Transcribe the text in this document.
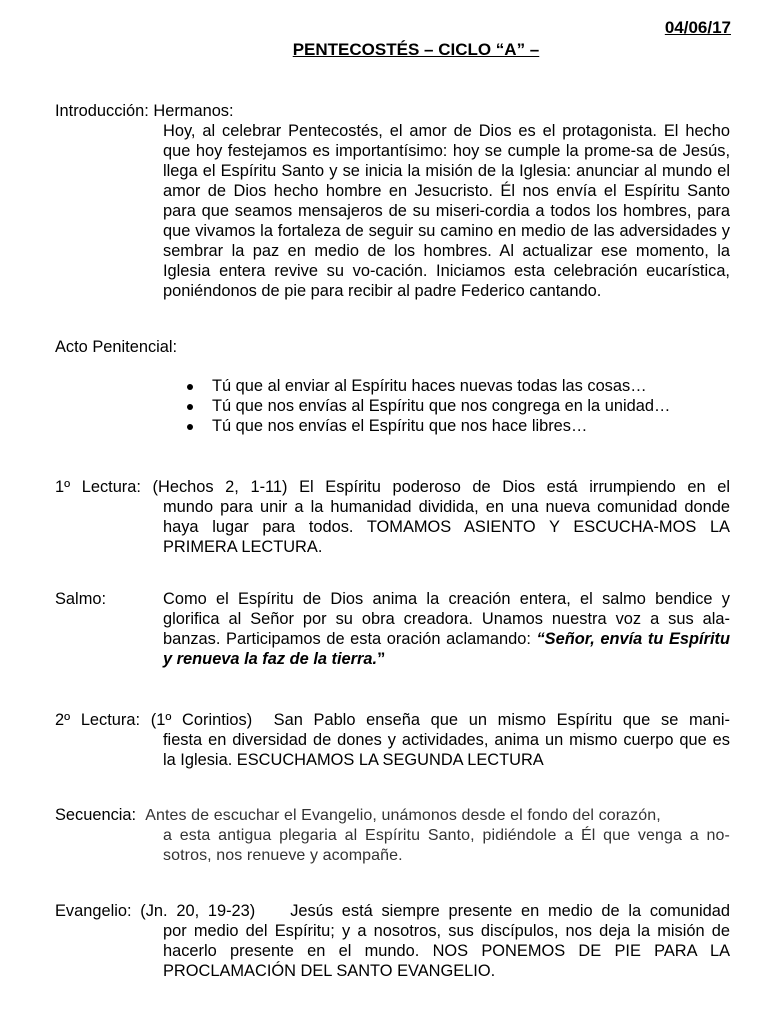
04/06/17
PENTECOSTÉS – CICLO “A” –
Introducción: Hermanos:
Hoy, al celebrar Pentecostés, el amor de Dios es el protagonista. El hecho que hoy festejamos es importantísimo: hoy se cumple la prome-sa de Jesús, llega el Espíritu Santo y se inicia la misión de la Iglesia: anunciar al mundo el amor de Dios hecho hombre en Jesucristo. Él nos envía el Espíritu Santo para que seamos mensajeros de su miseri-cordia a todos los hombres, para que vivamos la fortaleza de seguir su camino en medio de las adversidades y sembrar la paz en medio de los hombres. Al actualizar ese momento, la Iglesia entera revive su vo-cación. Iniciamos esta celebración eucarística, poniéndonos de pie para recibir al padre Federico cantando.
Acto Penitencial:
Tú que al enviar al Espíritu haces nuevas todas las cosas…
Tú que nos envías al Espíritu que nos congrega en la unidad…
Tú que nos envías el Espíritu que nos hace libres…
1º Lectura: (Hechos 2, 1-11) El Espíritu poderoso de Dios está irrumpiendo en el
mundo para unir a la humanidad dividida, en una nueva comunidad donde haya lugar para todos. TOMAMOS ASIENTO Y ESCUCHA-MOS LA PRIMERA LECTURA.
Salmo:	Como el Espíritu de Dios anima la creación entera, el salmo bendice y glorifica al Señor por su obra creadora. Unamos nuestra voz a sus ala-banzas. Participamos de esta oración aclamando: “Señor, envía tu Espíritu y renueva la faz de la tierra.”
2º Lectura: (1º Corintios) San Pablo enseña que un mismo Espíritu que se mani-
fiesta en diversidad de dones y actividades, anima un mismo cuerpo que es la Iglesia. ESCUCHAMOS LA SEGUNDA LECTURA
Secuencia: Antes de escuchar el Evangelio, unámonos desde el fondo del corazón,
a esta antigua plegaria al Espíritu Santo, pidiéndole a Él que venga a no-sotros, nos renueve y acompañe.
Evangelio: (Jn. 20, 19-23) Jesús está siempre presente en medio de la comunidad
por medio del Espíritu; y a nosotros, sus discípulos, nos deja la misión de hacerlo presente en el mundo. NOS PONEMOS DE PIE PARA LA PROCLAMACIÓN DEL SANTO EVANGELIO.
